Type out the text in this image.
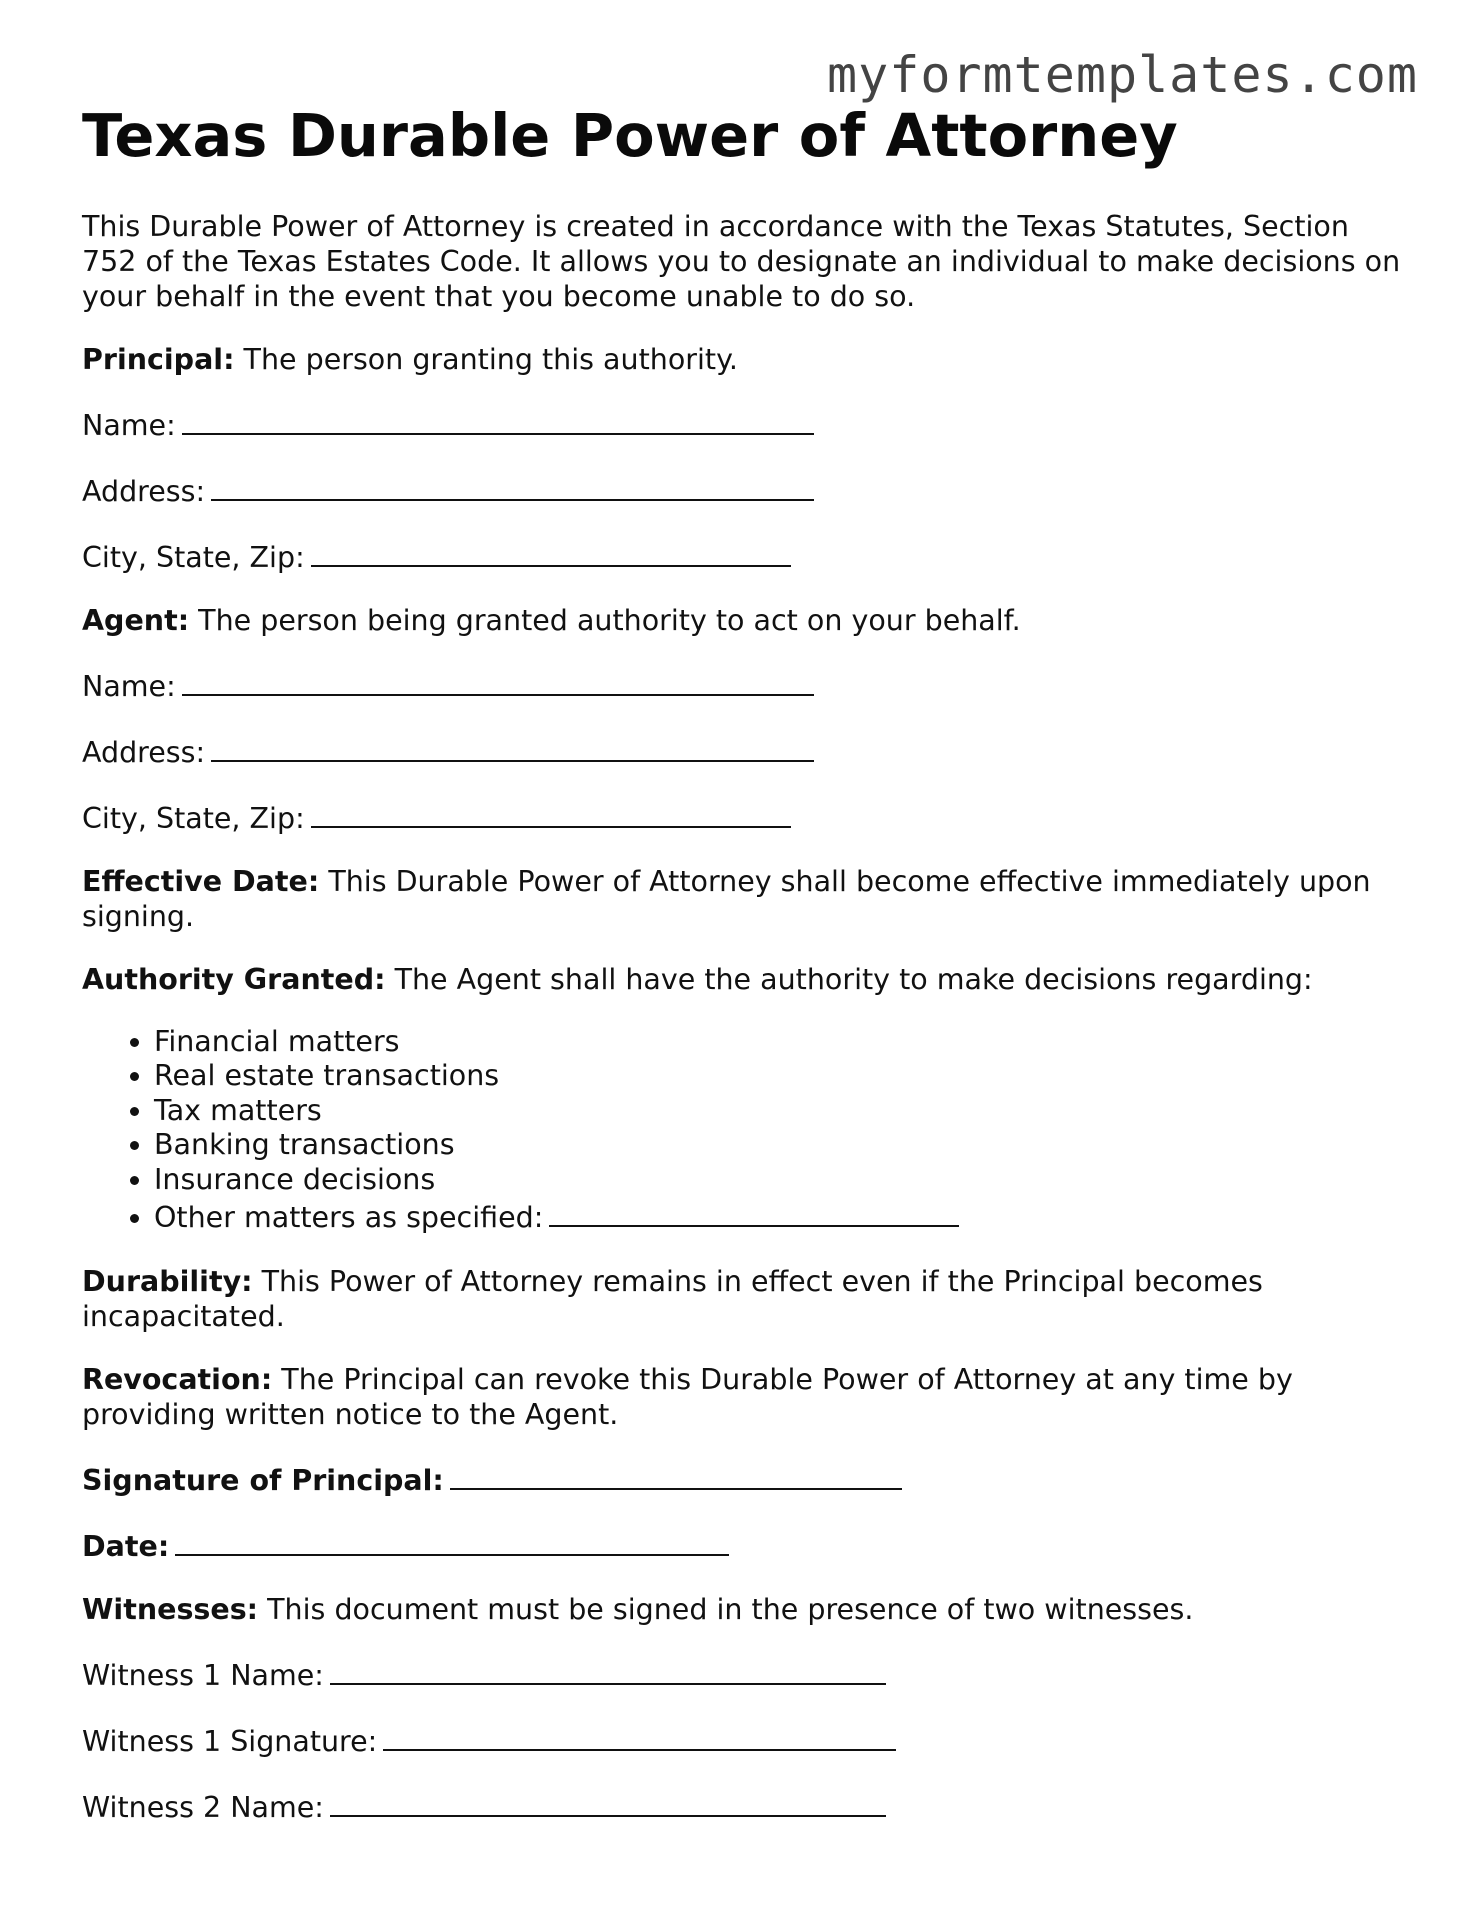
myformtemplates.com
Texas Durable Power of Attorney

This Durable Power of Attorney is created in accordance with the Texas Statutes, Section 752 of the Texas Estates Code. It allows you to designate an individual to make decisions on your behalf in the event that you become unable to do so.

Principal: The person granting this authority.

Name:

Address:

City, State, Zip:

Agent: The person being granted authority to act on your behalf.

Name:

Address:

City, State, Zip:

Effective Date: This Durable Power of Attorney shall become effective immediately upon signing.

Authority Granted: The Agent shall have the authority to make decisions regarding:

• Financial matters
• Real estate transactions
• Tax matters
• Banking transactions
• Insurance decisions
• Other matters as specified:

Durability: This Power of Attorney remains in effect even if the Principal becomes incapacitated.

Revocation: The Principal can revoke this Durable Power of Attorney at any time by providing written notice to the Agent.

Signature of Principal:

Date:

Witnesses: This document must be signed in the presence of two witnesses.

Witness 1 Name:

Witness 1 Signature:

Witness 2 Name:
